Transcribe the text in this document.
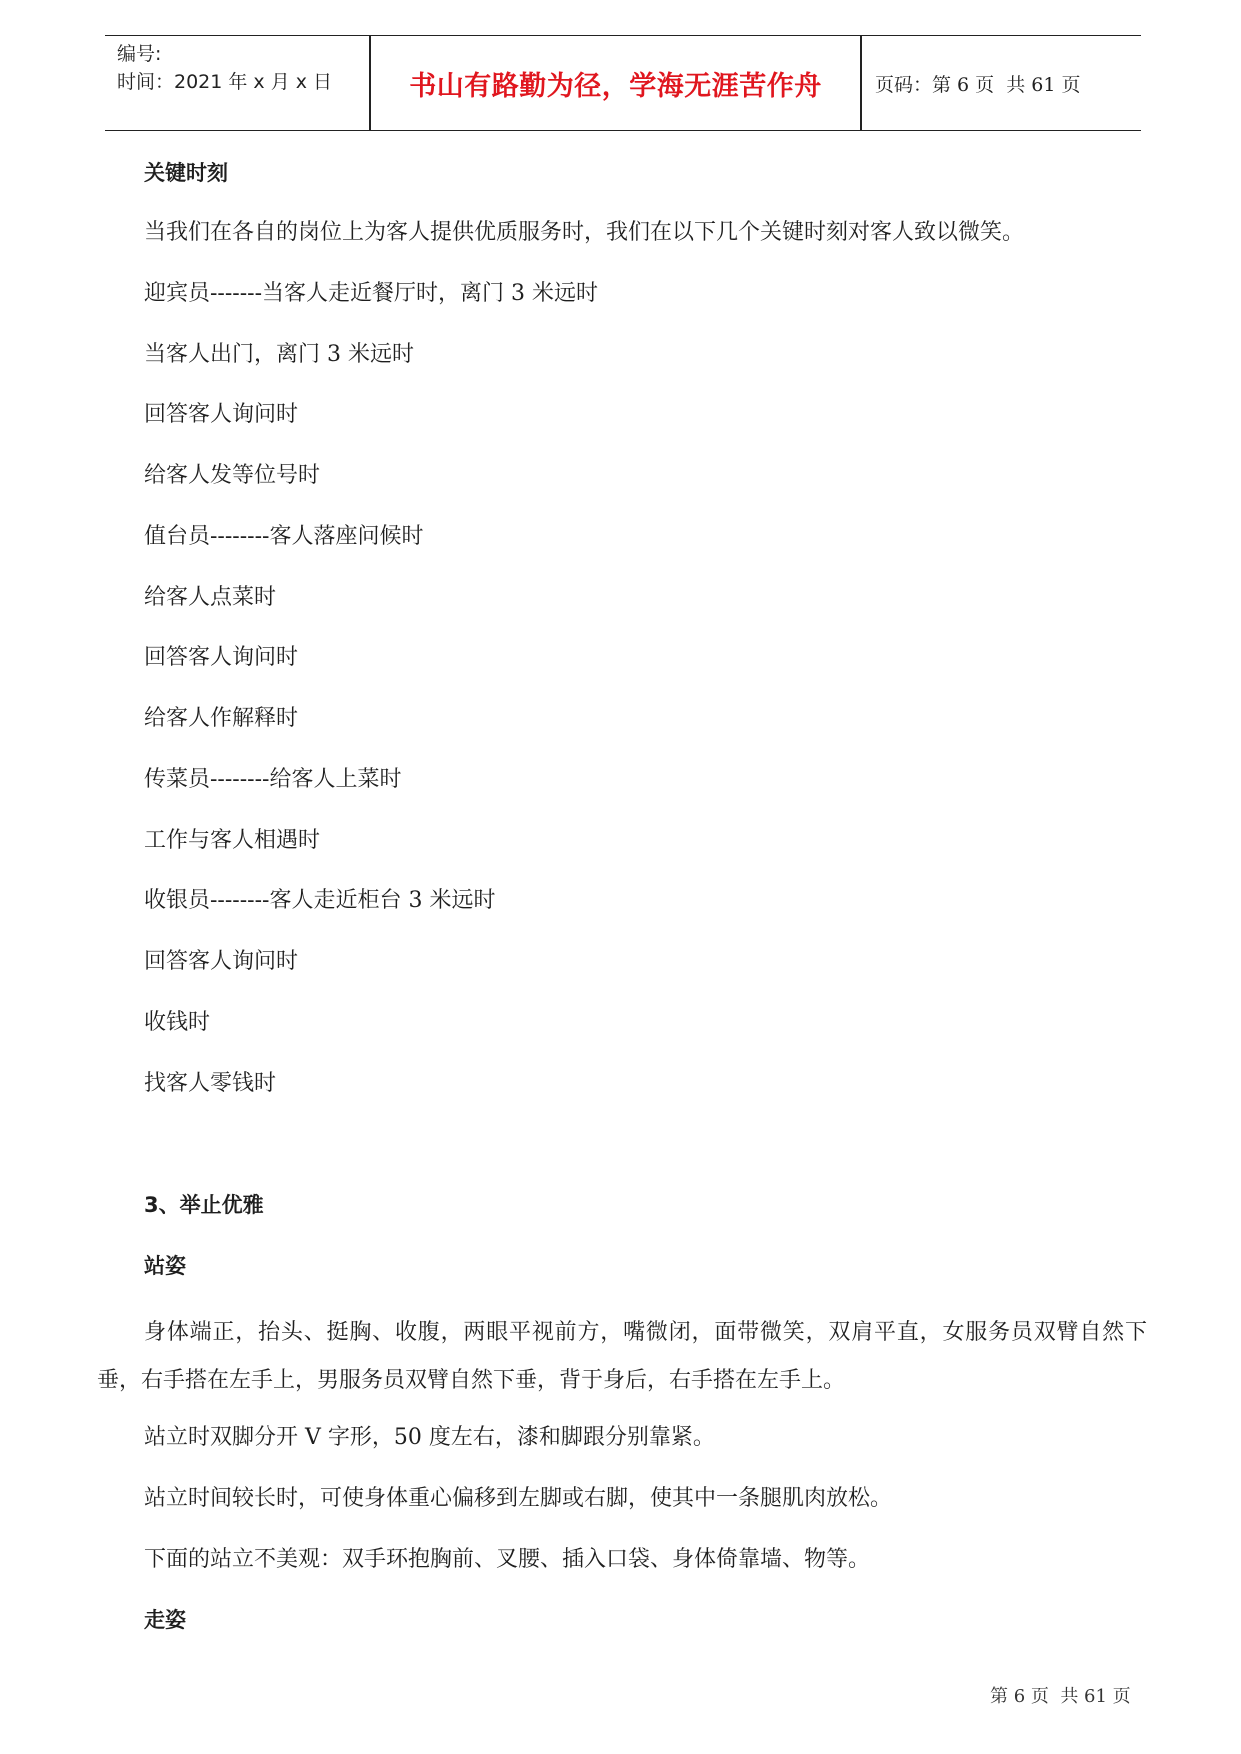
编号:
时间：2021 年 x 月 x 日	书山有路勤为径，学海无涯苦作舟	页码：第 6 页  共 61 页
关键时刻
当我们在各自的岗位上为客人提供优质服务时，我们在以下几个关键时刻对客人致以微笑。
迎宾员-------当客人走近餐厅时，离门 3 米远时
当客人出门，离门 3 米远时
回答客人询问时
给客人发等位号时
值台员--------客人落座问候时
给客人点菜时
回答客人询问时
给客人作解释时
传菜员--------给客人上菜时
工作与客人相遇时
收银员--------客人走近柜台 3 米远时
回答客人询问时
收钱时
找客人零钱时
3、举止优雅
站姿
身体端正，抬头、挺胸、收腹，两眼平视前方，嘴微闭，面带微笑，双肩平直，女服务员双臂自然下垂，右手搭在左手上，男服务员双臂自然下垂，背于身后，右手搭在左手上。
站立时双脚分开 V 字形，50 度左右，漆和脚跟分别靠紧。
站立时间较长时，可使身体重心偏移到左脚或右脚，使其中一条腿肌肉放松。
下面的站立不美观：双手环抱胸前、叉腰、插入口袋、身体倚靠墙、物等。
走姿
第 6 页  共 61 页
